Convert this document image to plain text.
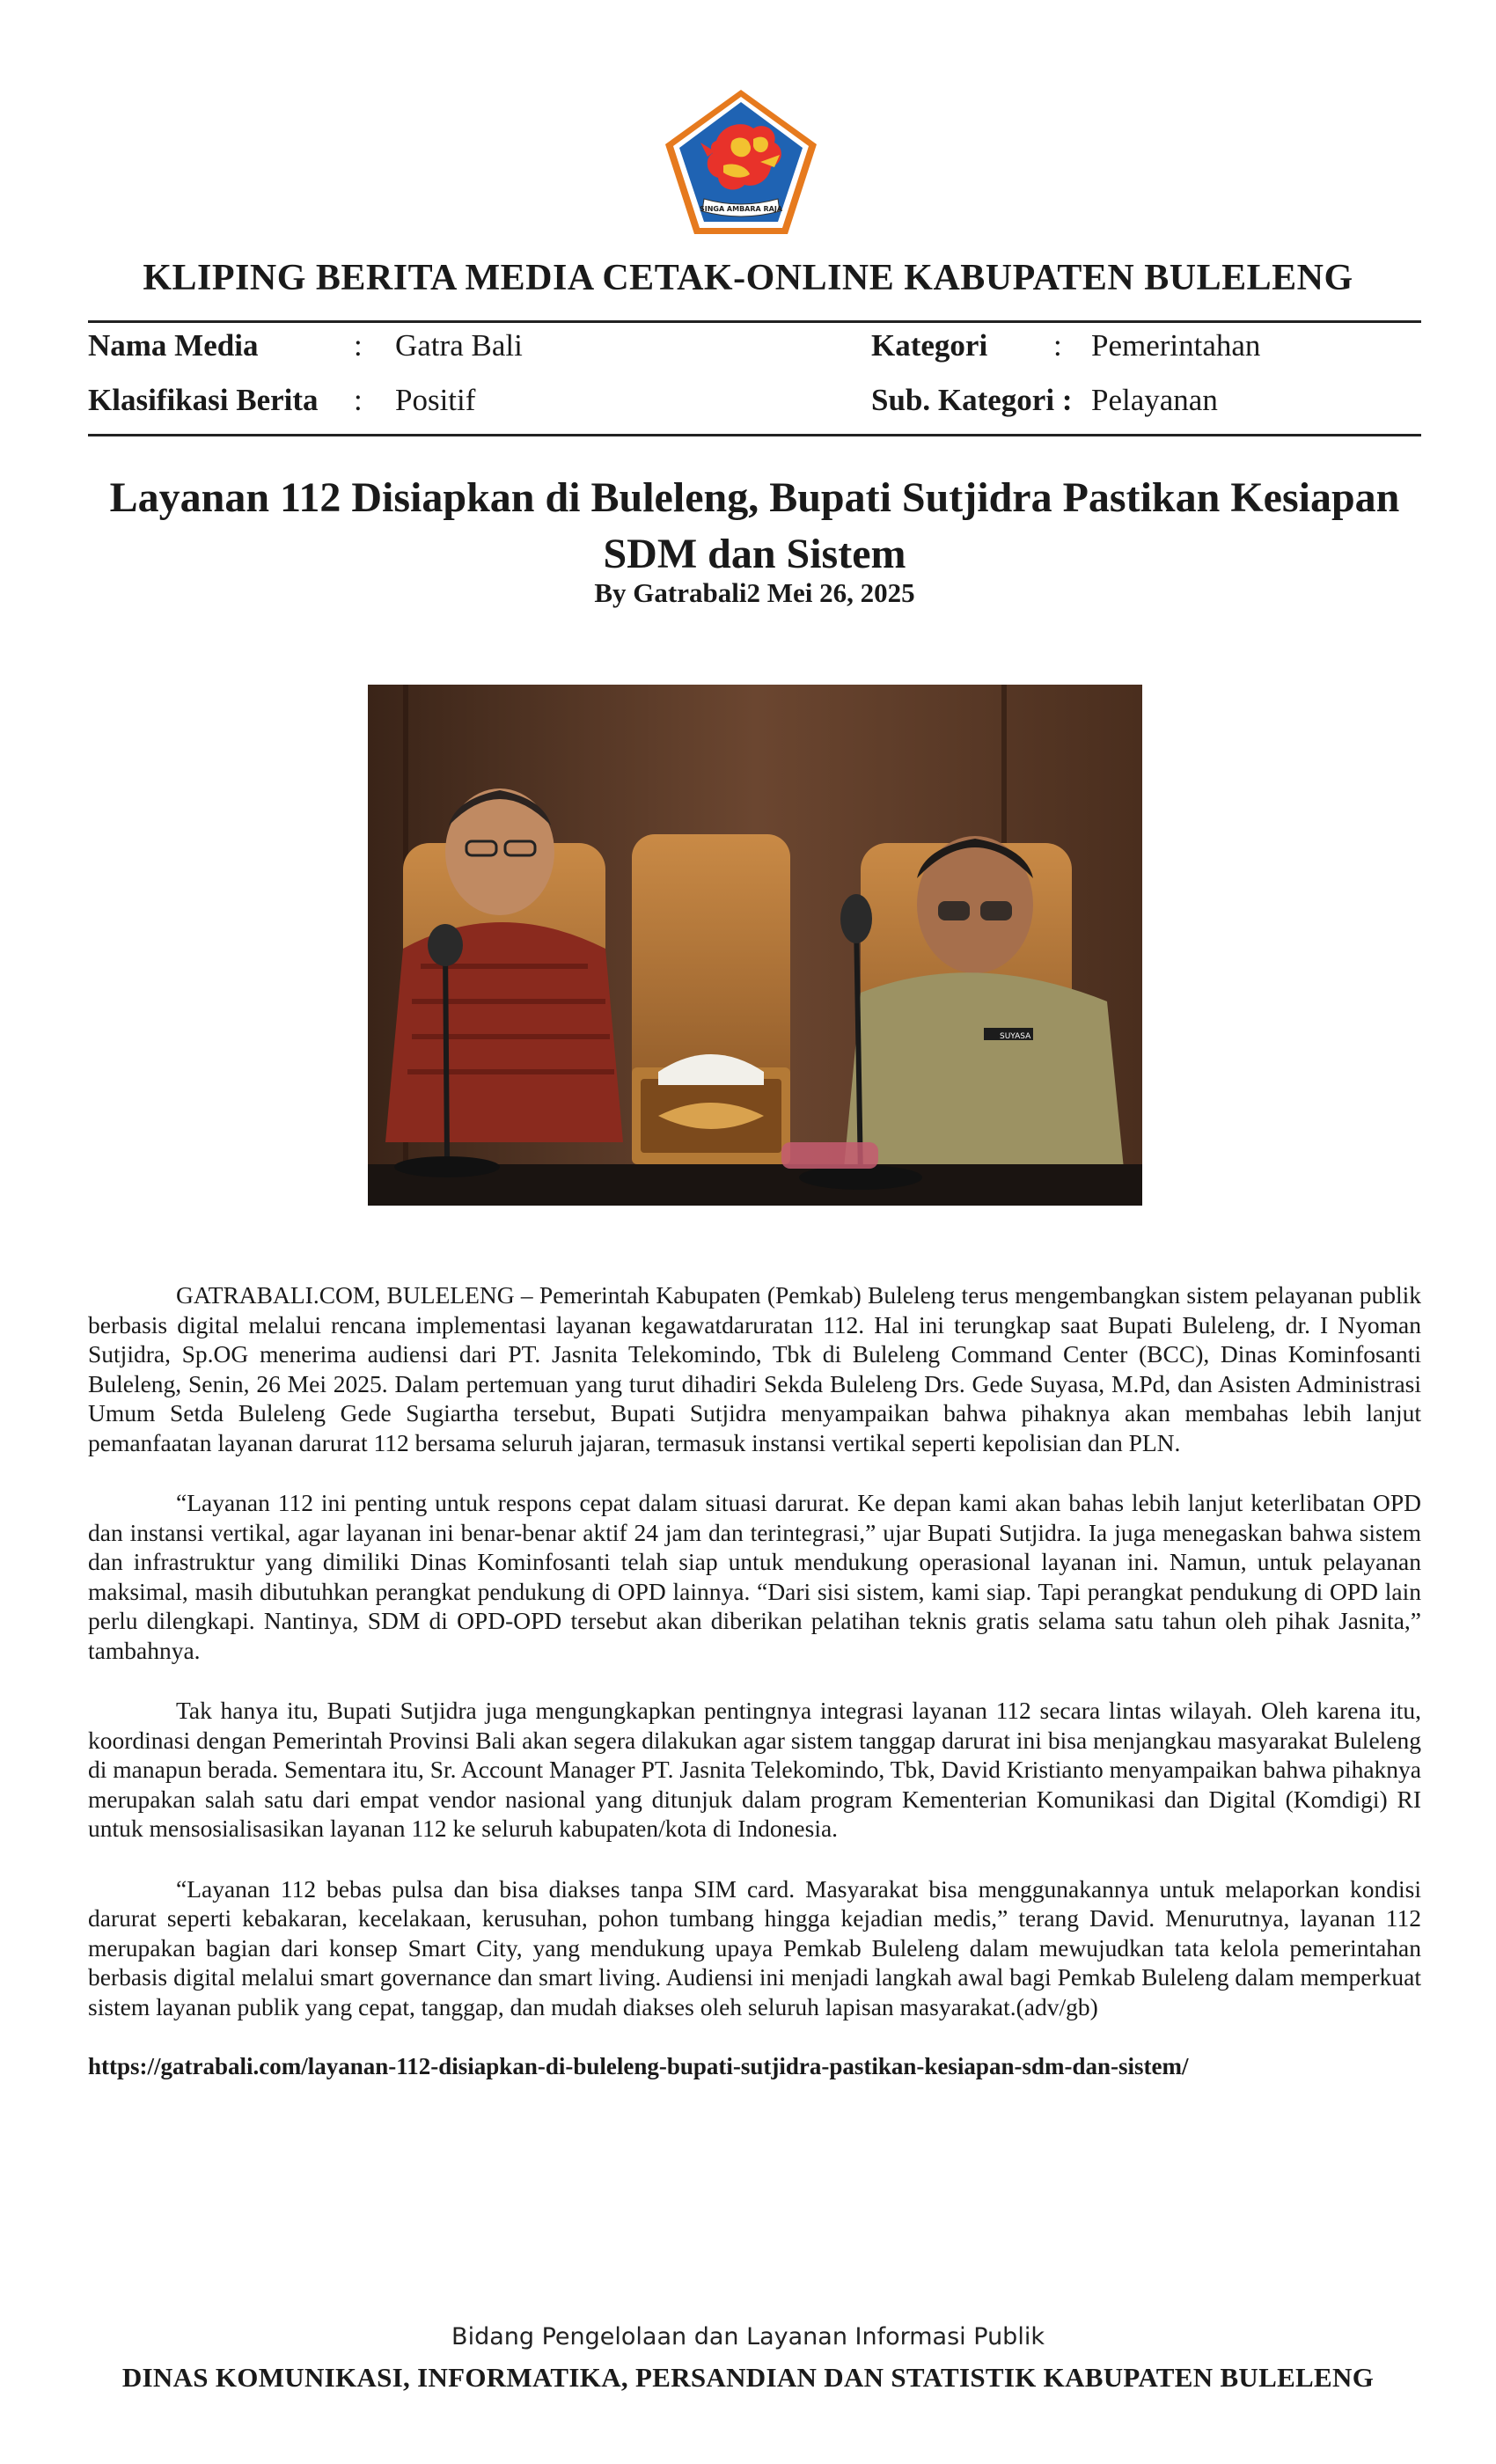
SINGA AMBARA RAJA
KLIPING BERITA MEDIA CETAK-ONLINE KABUPATEN BULELENG
Nama Media	: Gatra Bali	Kategori : Pemerintahan
Klasifikasi Berita : Positif	Sub. Kategori : Pelayanan
Layanan 112 Disiapkan di Buleleng, Bupati Sutjidra Pastikan Kesiapan SDM dan Sistem
By Gatrabali2 Mei 26, 2025
SUYASA

GATRABALI.COM, BULELENG – Pemerintah Kabupaten (Pemkab) Buleleng terus mengembangkan sistem pelayanan publik berbasis digital melalui rencana implementasi layanan kegawatdaruratan 112. Hal ini terungkap saat Bupati Buleleng, dr. I Nyoman Sutjidra, Sp.OG menerima audiensi dari PT. Jasnita Telekomindo, Tbk di Buleleng Command Center (BCC), Dinas Kominfosanti Buleleng, Senin, 26 Mei 2025. Dalam pertemuan yang turut dihadiri Sekda Buleleng Drs. Gede Suyasa, M.Pd, dan Asisten Administrasi Umum Setda Buleleng Gede Sugiartha tersebut, Bupati Sutjidra menyampaikan bahwa pihaknya akan membahas lebih lanjut pemanfaatan layanan darurat 112 bersama seluruh jajaran, termasuk instansi vertikal seperti kepolisian dan PLN.

“Layanan 112 ini penting untuk respons cepat dalam situasi darurat. Ke depan kami akan bahas lebih lanjut keterlibatan OPD dan instansi vertikal, agar layanan ini benar-benar aktif 24 jam dan terintegrasi,” ujar Bupati Sutjidra. Ia juga menegaskan bahwa sistem dan infrastruktur yang dimiliki Dinas Kominfosanti telah siap untuk mendukung operasional layanan ini. Namun, untuk pelayanan maksimal, masih dibutuhkan perangkat pendukung di OPD lainnya. “Dari sisi sistem, kami siap. Tapi perangkat pendukung di OPD lain perlu dilengkapi. Nantinya, SDM di OPD-OPD tersebut akan diberikan pelatihan teknis gratis selama satu tahun oleh pihak Jasnita,” tambahnya.

Tak hanya itu, Bupati Sutjidra juga mengungkapkan pentingnya integrasi layanan 112 secara lintas wilayah. Oleh karena itu, koordinasi dengan Pemerintah Provinsi Bali akan segera dilakukan agar sistem tanggap darurat ini bisa menjangkau masyarakat Buleleng di manapun berada. Sementara itu, Sr. Account Manager PT. Jasnita Telekomindo, Tbk, David Kristianto menyampaikan bahwa pihaknya merupakan salah satu dari empat vendor nasional yang ditunjuk dalam program Kementerian Komunikasi dan Digital (Komdigi) RI untuk mensosialisasikan layanan 112 ke seluruh kabupaten/kota di Indonesia.

“Layanan 112 bebas pulsa dan bisa diakses tanpa SIM card. Masyarakat bisa menggunakannya untuk melaporkan kondisi darurat seperti kebakaran, kecelakaan, kerusuhan, pohon tumbang hingga kejadian medis,” terang David. Menurutnya, layanan 112 merupakan bagian dari konsep Smart City, yang mendukung upaya Pemkab Buleleng dalam mewujudkan tata kelola pemerintahan berbasis digital melalui smart governance dan smart living. Audiensi ini menjadi langkah awal bagi Pemkab Buleleng dalam memperkuat sistem layanan publik yang cepat, tanggap, dan mudah diakses oleh seluruh lapisan masyarakat.(adv/gb)

https://gatrabali.com/layanan-112-disiapkan-di-buleleng-bupati-sutjidra-pastikan-kesiapan-sdm-dan-sistem/
Bidang Pengelolaan dan Layanan Informasi Publik
DINAS KOMUNIKASI, INFORMATIKA, PERSANDIAN DAN STATISTIK KABUPATEN BULELENG
